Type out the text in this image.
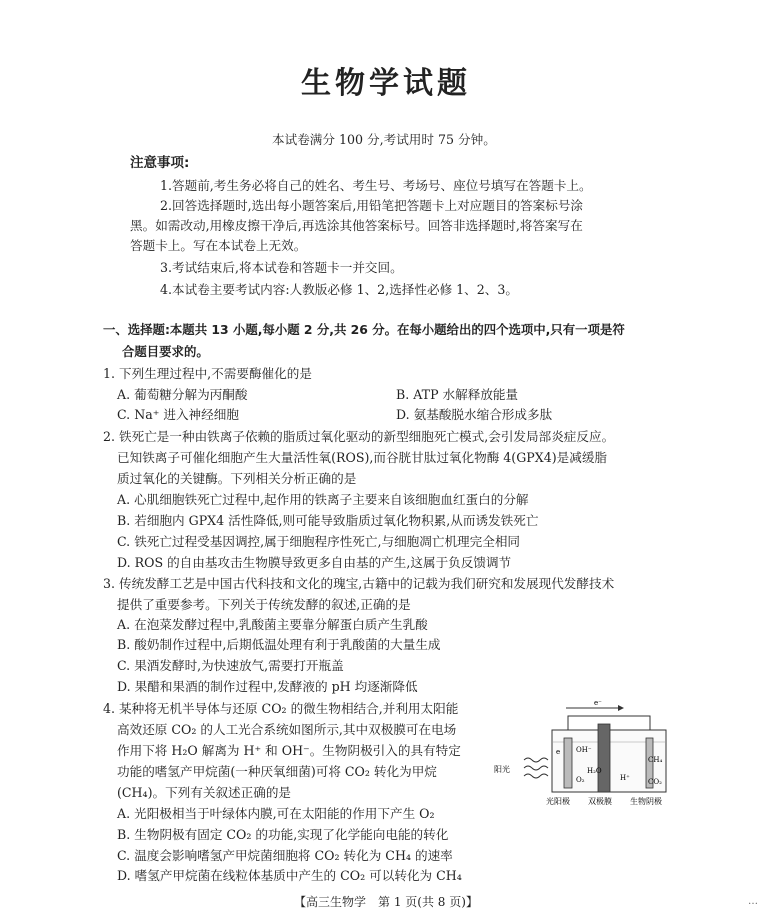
生物学试题
本试卷满分 100 分,考试用时 75 分钟。
注意事项:
1.答题前,考生务必将自己的姓名、考生号、考场号、座位号填写在答题卡上。
2.回答选择题时,选出每小题答案后,用铅笔把答题卡上对应题目的答案标号涂
黑。如需改动,用橡皮擦干净后,再选涂其他答案标号。回答非选择题时,将答案写在
答题卡上。写在本试卷上无效。
3.考试结束后,将本试卷和答题卡一并交回。
4.本试卷主要考试内容:人教版必修 1、2,选择性必修 1、2、3。
一、选择题:本题共 13 小题,每小题 2 分,共 26 分。在每小题给出的四个选项中,只有一项是符
合题目要求的。
1. 下列生理过程中,不需要酶催化的是
A. 葡萄糖分解为丙酮酸	B. ATP 水解释放能量
C. Na⁺ 进入神经细胞	D. 氨基酸脱水缩合形成多肽
2. 铁死亡是一种由铁离子依赖的脂质过氧化驱动的新型细胞死亡模式,会引发局部炎症反应。
已知铁离子可催化细胞产生大量活性氧(ROS),而谷胱甘肽过氧化物酶 4(GPX4)是减缓脂
质过氧化的关键酶。下列相关分析正确的是
A. 心肌细胞铁死亡过程中,起作用的铁离子主要来自该细胞血红蛋白的分解
B. 若细胞内 GPX4 活性降低,则可能导致脂质过氧化物积累,从而诱发铁死亡
C. 铁死亡过程受基因调控,属于细胞程序性死亡,与细胞凋亡机理完全相同
D. ROS 的自由基攻击生物膜导致更多自由基的产生,这属于负反馈调节
3. 传统发酵工艺是中国古代科技和文化的瑰宝,古籍中的记载为我们研究和发展现代发酵技术
提供了重要参考。下列关于传统发酵的叙述,正确的是
A. 在泡菜发酵过程中,乳酸菌主要靠分解蛋白质产生乳酸
B. 酸奶制作过程中,后期低温处理有利于乳酸菌的大量生成
C. 果酒发酵时,为快速放气,需要打开瓶盖
D. 果醋和果酒的制作过程中,发酵液的 pH 均逐渐降低
4. 某种将无机半导体与还原 CO₂ 的微生物相结合,并利用太阳能
高效还原 CO₂ 的人工光合系统如图所示,其中双极膜可在电场
作用下将 H₂O 解离为 H⁺ 和 OH⁻。生物阴极引入的具有特定
功能的嗜氢产甲烷菌(一种厌氧细菌)可将 CO₂ 转化为甲烷
(CH₄)。下列有关叙述正确的是
A. 光阳极相当于叶绿体内膜,可在太阳能的作用下产生 O₂
B. 生物阴极有固定 CO₂ 的功能,实现了化学能向电能的转化
C. 温度会影响嗜氢产甲烷菌细胞将 CO₂ 转化为 CH₄ 的速率
D. 嗜氢产甲烷菌在线粒体基质中产生的 CO₂ 可以转化为 CH₄
e⁻
阳光
e OH⁻
O₂
H₂O
H⁺
CH₄
CO₂
光阳极 双极膜 生物阴极
【高三生物学　第 1 页(共 8 页)】	…
